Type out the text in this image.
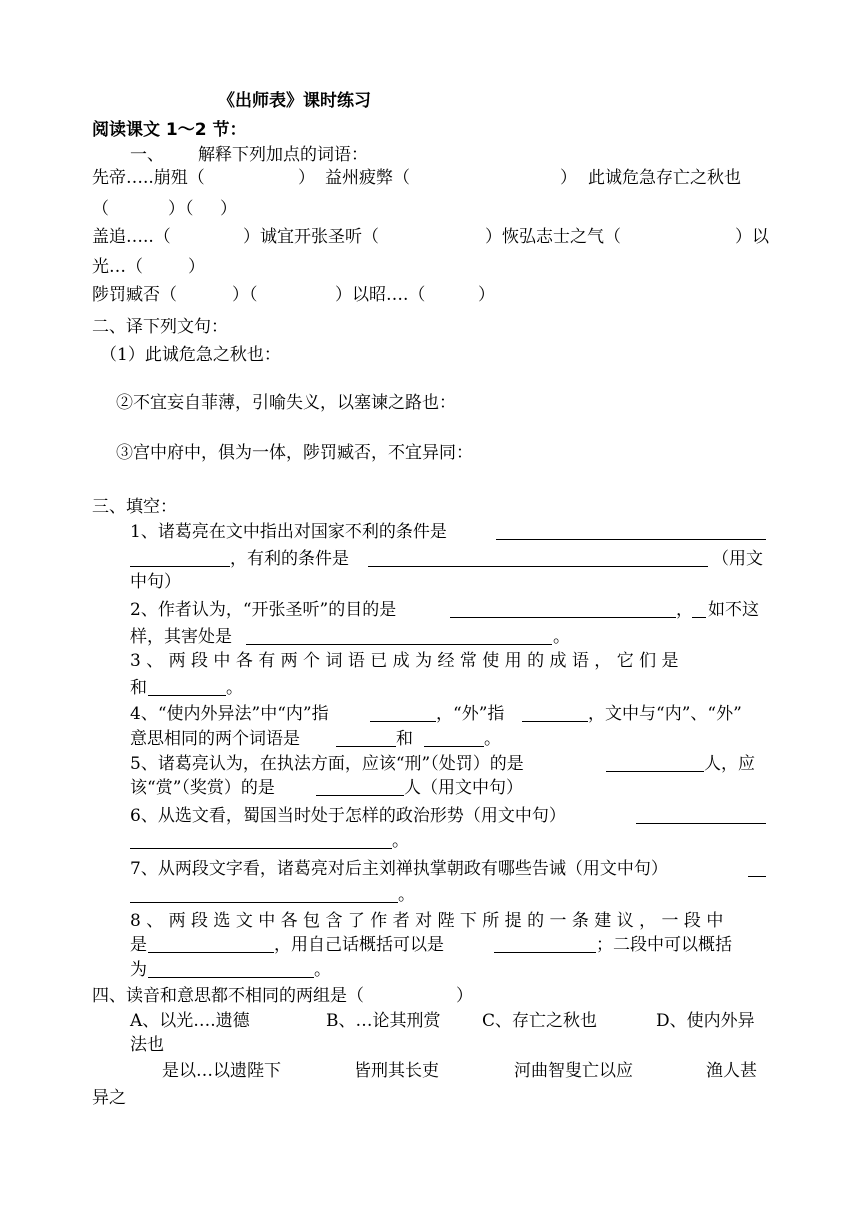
《出师表》课时练习
阅读课文 1～2 节：
一、 解释下列加点的词语：
先帝…..崩殂（	） 益州疲弊（	） 此诚危急存亡之秋也
（	）（ ）
盖追…..（	）诚宜开张圣听（	）恢弘志士之气（	）以
光…（	）
陟罚臧否（	）（	）以昭….（	）
二、译下列文句：
（1）此诚危急之秋也：
②不宜妄自菲薄，引喻失义，以塞谏之路也：
③宫中府中，俱为一体，陟罚臧否，不宜异同：
三、填空：
1、诸葛亮在文中指出对国家不利的条件是
，有利的条件是	（用文
中句）
2、作者认为，“开张圣听”的目的是	， 如不这
样，其害处是	。
3 、 两 段 中 各 有 两 个 词 语 已 成 为 经 常 使 用 的 成 语 ， 它 们 是
和	。
4、“使内外异法”中“内”指	，“外”指	，文中与“内”、“外”
意思相同的两个词语是	和	。
5、诸葛亮认为，在执法方面，应该“刑”（处罚）的是	人，应
该“赏”（奖赏）的是	人（用文中句）
6、从选文看，蜀国当时处于怎样的政治形势（用文中句）
。
7、从两段文字看，诸葛亮对后主刘禅执掌朝政有哪些告诫（用文中句）
。
8 、 两 段 选 文 中 各 包 含 了 作 者 对 陛 下 所 提 的 一 条 建 议 ， 一 段 中
是	，用自己话概括可以是	；二段中可以概括
为	。
四、读音和意思都不相同的两组是（	）
A、以光….遗德	B、…论其刑赏 C、存亡之秋也	D、使内外异
法也
是以…以遗陛下	皆刑其长吏	河曲智叟亡以应	渔人甚
异之
